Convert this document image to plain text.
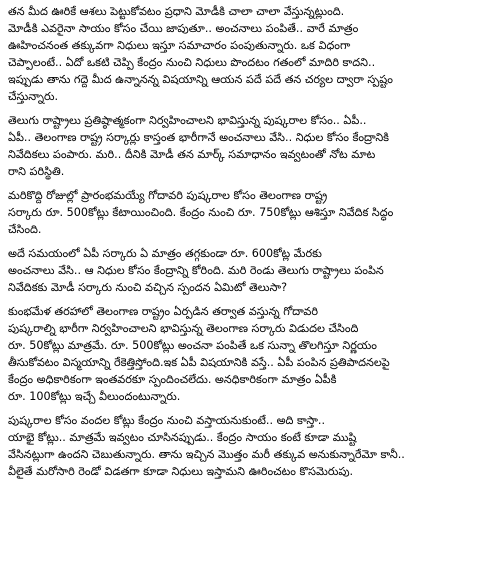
తన మీద ఊరికే ఆశలు పెట్టుకోవటం ప్రధాని మోడీకి చాలా చాలా వేస్తున్నట్లుంది.
మోడీకి ఎవరైనా సాయం కోసం చేయి జాపుతూ.. అంచనాలు పంపితే.. వారే మాత్రం
ఊహించనంత తక్కువగా నిధులు ఇస్తూ సమాచారం పంపుతున్నారు. ఒక విధంగా
చెప్పాలంటే.. ఏదో ఒకటి చెప్పి కేంద్రం నుంచి నిధులు పొందటం గతంలో మాదిరి కాదని..
ఇప్పుడు తాను గద్దె మీద ఉన్నానన్న విషయాన్ని ఆయన పదే పదే తన చర్యల ద్వారా స్పష్టం
చేస్తున్నారు.
తెలుగు రాష్ట్రాలు ప్రతిష్ఠాత్మకంగా నిర్వహించాలని భావిస్తున్న పుష్కరాల కోసం.. ఏపీ..
ఏపీ.. తెలంగాణ రాష్ట్ర సర్కార్లు కాస్తంత భారీగానే అంచనాలు వేసి.. నిధుల కోసం కేంద్రానికి
నివేదికలు పంపారు. మరి.. దీనికి మోడీ తన మార్క్ సమాధానం ఇవ్వటంతో నోట మాట
రాని పరిస్థితి.
మరికొద్ది రోజుల్లో ప్రారంభమయ్యే గోదావరి పుష్కరాల కోసం తెలంగాణ రాష్ట్ర
సర్కారు రూ. 500కోట్లు కేటాయించింది. కేంద్రం నుంచి రూ. 750కోట్లు ఆశిస్తూ నివేదిక సిద్ధం
చేసింది.
అదే సమయంలో ఏపీ సర్కారు ఏ మాత్రం తగ్గకుండా రూ. 600కోట్ల మేరకు
అంచనాలు వేసి.. ఆ నిధుల కోసం కేంద్రాన్ని కోరింది. మరి రెండు తెలుగు రాష్ట్రాలు పంపిన
నివేదికకు మోడీ సర్కారు నుంచి వచ్చిన స్పందన ఏమిటో తెలుసా?
కుంభమేళ తరహాలో తెలంగాణ రాష్ట్రం ఏర్పడిన తర్వాత వస్తున్న గోదావరి
పుష్కరాల్ని భారీగా నిర్వహించాలని భావిస్తున్న తెలంగాణ సర్కారు విడుదల చేసింది
రూ. 50కోట్లు మాత్రమే. రూ. 500కోట్లు అంచనా పంపితే ఒక సున్నా తొలగిస్తూ నిర్ణయం
తీసుకోవటం విస్మయాన్ని రేకెత్తిస్తోంది.ఇక ఏపీ విషయానికి వస్తే.. ఏపీ పంపిన ప్రతిపాదనలపై
కేంద్రం అధికారికంగా ఇంతవరకూ స్పందించలేదు. అనధికారికంగా మాత్రం ఏపీకి
రూ. 100కోట్లు ఇచ్చే వీలుందంటున్నారు.
పుష్కరాల కోసం వందల కోట్లు కేంద్రం నుంచి వస్తాయనుకుంటే.. అది కాస్తా..
యాభై కోట్లు.. మాత్రమే ఇవ్వటం చూసినప్పుడు.. కేంద్రం సాయం కంటే కూడా ముష్టి
వేసినట్లుగా ఉందని చెబుతున్నారు. తాను ఇచ్చిన మొత్తం మరీ తక్కువ అనుకున్నారేమో కానీ..
వీలైతే మరోసారి రెండో విడతగా కూడా నిధులు ఇస్తామని ఊరించటం కొసమెరుపు.
